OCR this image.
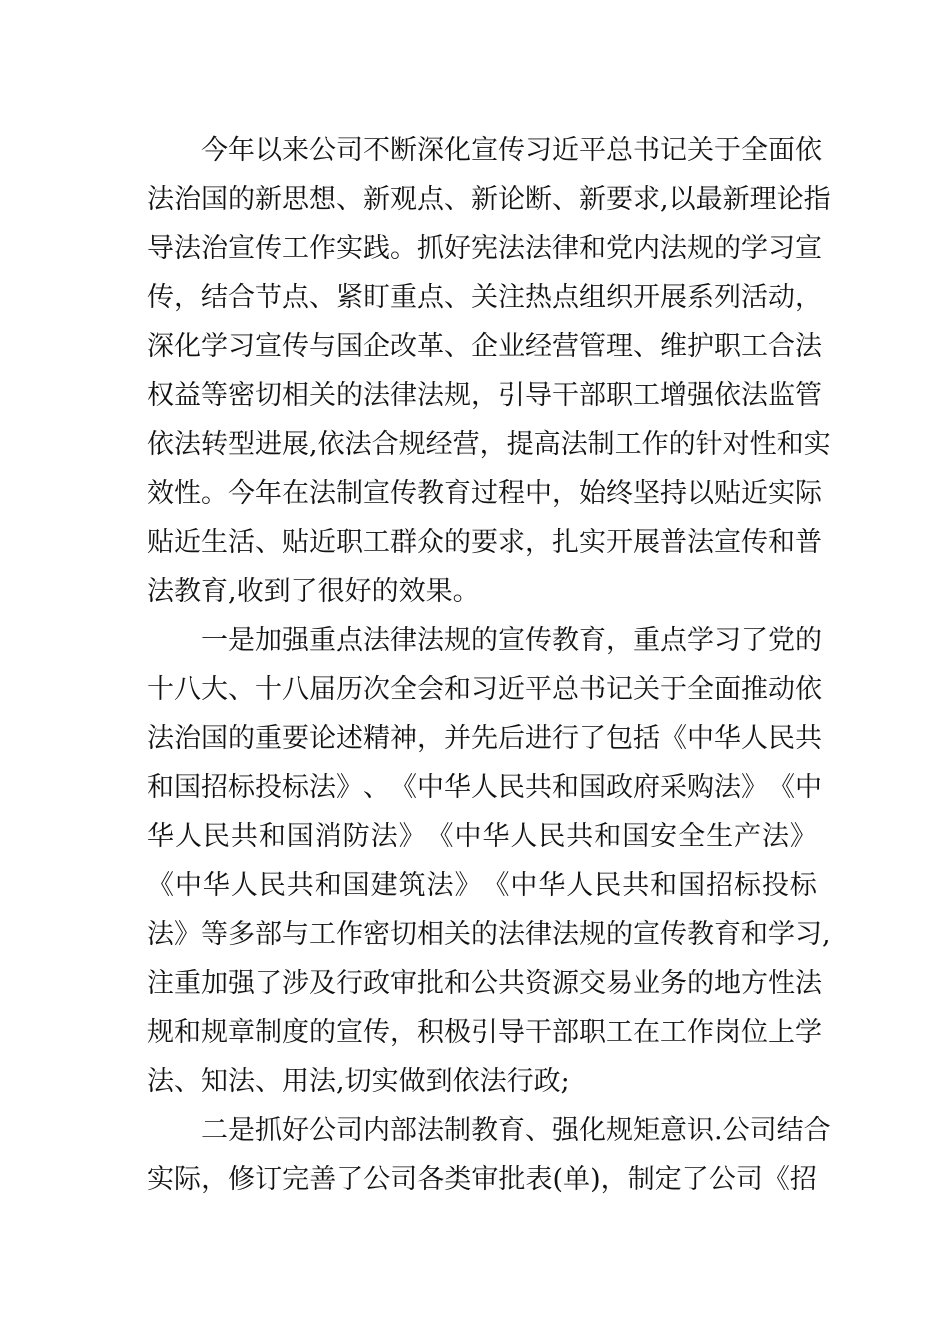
今 年 以 来 公 司 不 断 深 化 宣 传 习 近 平 总 书 记 关 于 全 面 依
法 治 国 的 新 思 想 、 新 观 点 、 新 论 断 、 新 要 求 , 以 最 新 理 论 指
导 法 治 宣 传 工 作 实 践 。 抓 好 宪 法 法 律 和 党 内 法 规 的 学 习 宣
传 ， 结 合 节 点 、 紧 盯 重 点 、 关 注 热 点 组 织 开 展 系 列 活 动 ，
深 化 学 习 宣 传 与 国 企 改 革 、 企 业 经 营 管 理 、 维 护 职 工 合 法
权 益 等 密 切 相 关 的 法 律 法 规 ， 引 导 干 部 职 工 增 强 依 法 监 管
依 法 转 型 进 展 , 依 法 合 规 经 营 ， 提 高 法 制 工 作 的 针 对 性 和 实
效 性 。 今 年 在 法 制 宣 传 教 育 过 程 中 ， 始 终 坚 持 以 贴 近 实 际
贴 近 生 活 、 贴 近 职 工 群 众 的 要 求 ， 扎 实 开 展 普 法 宣 传 和 普
法教育,收到了很好的效果。
一 是 加 强 重 点 法 律 法 规 的 宣 传 教 育 ， 重 点 学 习 了 党 的
十 八 大 、 十 八 届 历 次 全 会 和 习 近 平 总 书 记 关 于 全 面 推 动 依
法 治 国 的 重 要 论 述 精 神 ， 并 先 后 进 行 了 包 括 《 中 华 人 民 共
和 国 招 标 投 标 法 》 、 《 中 华 人 民 共 和 国 政 府 采 购 法 》 《 中
华 人 民 共 和 国 消 防 法 》 《 中 华 人 民 共 和 国 安 全 生 产 法 》
《 中 华 人 民 共 和 国 建 筑 法 》 《 中 华 人 民 共 和 国 招 标 投 标
法 》 等 多 部 与 工 作 密 切 相 关 的 法 律 法 规 的 宣 传 教 育 和 学 习 ,
注 重 加 强 了 涉 及 行 政 审 批 和 公 共 资 源 交 易 业 务 的 地 方 性 法
规 和 规 章 制 度 的 宣 传 ， 积 极 引 导 干 部 职 工 在 工 作 岗 位 上 学
法、知法、用法,切实做到依法行政;
二 是 抓 好 公 司 内 部 法 制 教 育 、 强 化 规 矩 意 识 . 公 司 结 合
实 际 ， 修 订 完 善 了 公 司 各 类 审 批 表 ( 单 ) ， 制 定 了 公 司 《 招
